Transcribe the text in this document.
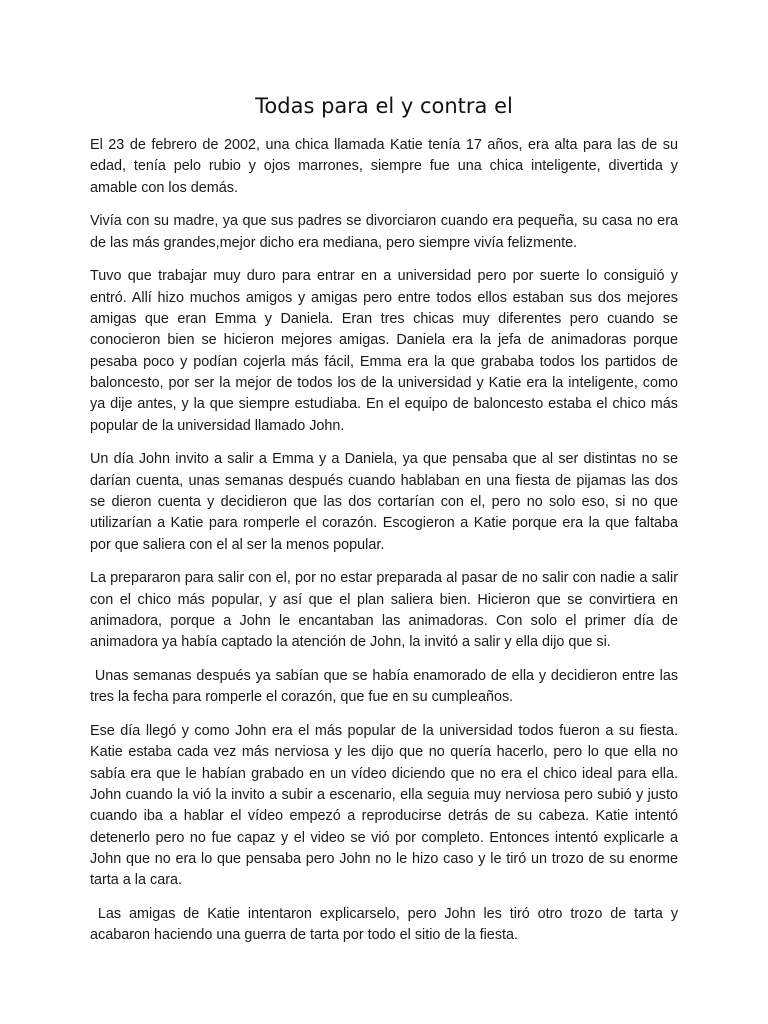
Todas para el y contra el

El 23 de febrero de 2002, una chica llamada Katie tenía 17 años, era alta para las de su edad, tenía pelo rubio y ojos marrones, siempre fue una chica inteligente, divertida y amable con los demás.

Vivía con su madre, ya que sus padres se divorciaron cuando era pequeña, su casa no era de las más grandes,mejor dicho era mediana, pero siempre vivía felizmente.

Tuvo que trabajar muy duro para entrar en a universidad pero por suerte lo consiguió y entró. Allí hizo muchos amigos y amigas pero entre todos ellos estaban sus dos mejores amigas que eran Emma y Daniela. Eran tres chicas muy diferentes pero cuando se conocieron bien se hicieron mejores amigas. Daniela era la jefa de animadoras porque pesaba poco y podían cojerla más fácil, Emma era la que grababa todos los partidos de baloncesto, por ser la mejor de todos los de la universidad y Katie era la inteligente, como ya dije antes, y la que siempre estudiaba. En el equipo de baloncesto estaba el chico más popular de la universidad llamado John.

Un día John invito a salir a Emma y a Daniela, ya que pensaba que al ser distintas no se darían cuenta, unas semanas después cuando hablaban en una fiesta de pijamas las dos se dieron cuenta y decidieron que las dos cortarían con el, pero no solo eso, si no que utilizarían a Katie para romperle el corazón. Escogieron a Katie porque era la que faltaba por que saliera con el al ser la menos popular.

La prepararon para salir con el, por no estar preparada al pasar de no salir con nadie a salir con el chico más popular, y así que el plan saliera bien. Hicieron que se convirtiera en animadora, porque a John le encantaban las animadoras. Con solo el primer día de animadora ya había captado la atención de John, la invitó a salir y ella dijo que si.

Unas semanas después ya sabían que se había enamorado de ella y decidieron entre las tres la fecha para romperle el corazón, que fue en su cumpleaños.

Ese día llegó y como John era el más popular de la universidad todos fueron a su fiesta. Katie estaba cada vez más nerviosa y les dijo que no quería hacerlo, pero lo que ella no sabía era que le habían grabado en un vídeo diciendo que no era el chico ideal para ella. John cuando la vió la invito a subir a escenario, ella seguia muy nerviosa pero subió y justo cuando iba a hablar el vídeo empezó a reproducirse detrás de su cabeza. Katie intentó detenerlo pero no fue capaz y el video se vió por completo. Entonces intentó explicarle a John que no era lo que pensaba pero John no le hizo caso y le tiró un trozo de su enorme tarta a la cara.

Las amigas de Katie intentaron explicarselo, pero John les tiró otro trozo de tarta y acabaron haciendo una guerra de tarta por todo el sitio de la fiesta.
